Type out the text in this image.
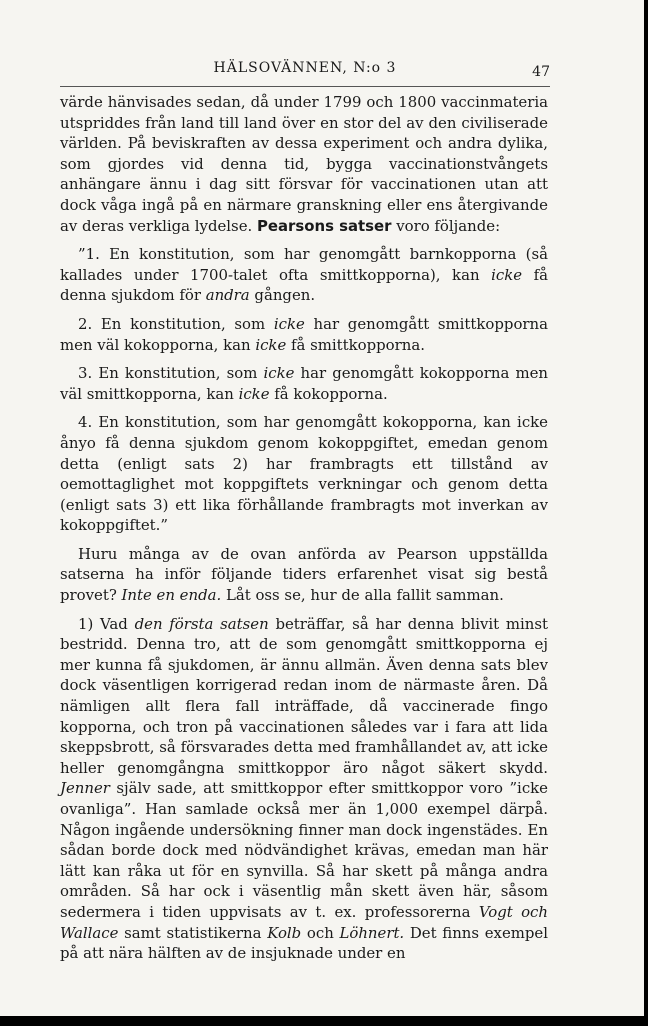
HÄLSOVÄNNEN, N:o 3	47

värde hänvisades sedan, då under 1799 och 1800 vaccinmateria utspriddes från land till land över en stor del av den civiliserade världen. På beviskraften av dessa experiment och andra dylika, som gjordes vid denna tid, bygga vaccinationstvångets anhängare ännu i dag sitt försvar för vaccinationen utan att dock våga ingå på en närmare granskning eller ens återgivande av deras verkliga lydelse. Pearsons satser voro följande:

”1. En konstitution, som har genomgått barnkopporna (så kallades under 1700-talet ofta smittkopporna), kan icke få denna sjukdom för andra gången.

2. En konstitution, som icke har genomgått smittkopporna men väl kokopporna, kan icke få smittkopporna.

3. En konstitution, som icke har genomgått kokopporna men väl smittkopporna, kan icke få kokopporna.

4. En konstitution, som har genomgått kokopporna, kan icke ånyo få denna sjukdom genom kokoppgiftet, emedan genom detta (enligt sats 2) har frambragts ett tillstånd av oemottaglighet mot koppgiftets verkningar och genom detta (enligt sats 3) ett lika förhållande frambragts mot inverkan av kokoppgiftet.”

Huru många av de ovan anförda av Pearson uppställda satserna ha inför följande tiders erfarenhet visat sig bestå provet? Inte en enda. Låt oss se, hur de alla fallit samman.

1) Vad den första satsen beträffar, så har denna blivit minst bestridd. Denna tro, att de som genomgått smittkopporna ej mer kunna få sjukdomen, är ännu allmän. Även denna sats blev dock väsentligen korrigerad redan inom de närmaste åren. Då nämligen allt flera fall inträffade, då vaccinerade fingo kopporna, och tron på vaccinationen således var i fara att lida skeppsbrott, så försvarades detta med framhållandet av, att icke heller genomgångna smittkoppor äro något säkert skydd. Jenner själv sade, att smittkoppor efter smittkoppor voro ”icke ovanliga”. Han samlade också mer än 1,000 exempel därpå. Någon ingående undersökning finner man dock ingenstädes. En sådan borde dock med nödvändighet krävas, emedan man här lätt kan råka ut för en synvilla. Så har skett på många andra områden. Så har ock i väsentlig mån skett även här, såsom sedermera i tiden uppvisats av t. ex. professorerna Vogt och Wallace samt statistikerna Kolb och Löhnert. Det finns exempel på att nära hälften av de insjuknade under en
